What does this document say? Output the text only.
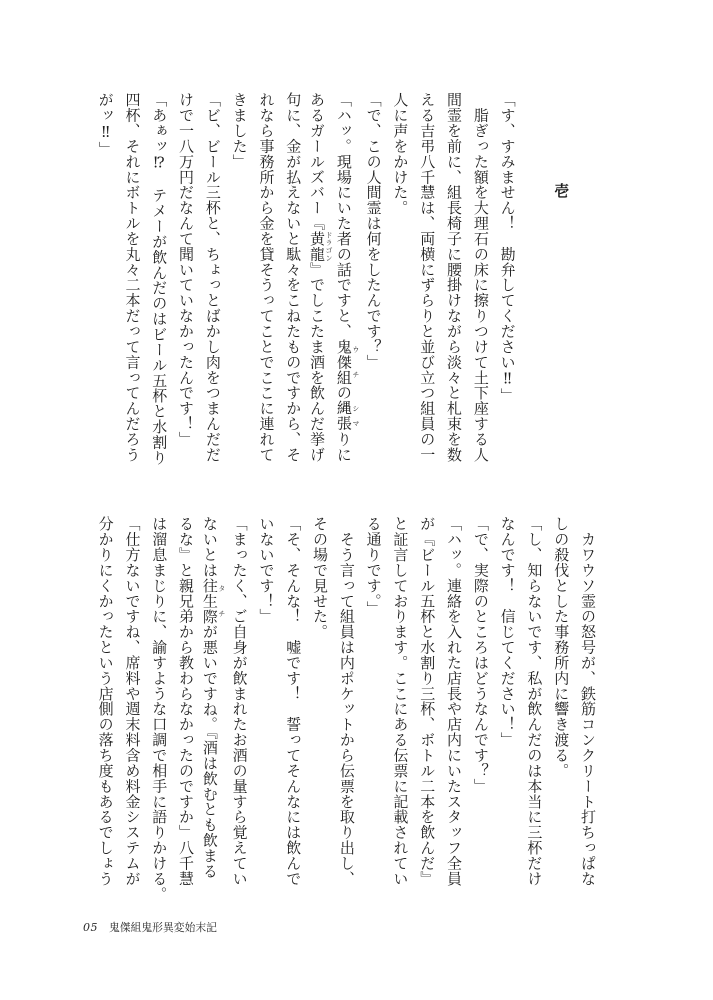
壱
「す、すみません！　勘弁してください‼」
　脂ぎった額を大理石の床に擦りつけて土下座する人
間霊を前に、組長椅子に腰掛けながら淡々と札束を数
える吉弔八千慧は、両横にずらりと並び立つ組員の一
人に声をかけた。
「で、この人間霊は何をしたんです？」
「ハッ。現場にいた者の話ですと、鬼傑組 ウチの縄張 シマりに
あるガールズバー『黄龍 ドラゴン』でしこたま酒を飲んだ挙げ
句に、金が払えないと駄々をこねたものですから、そ
れなら事務所から金を貸そうってことでここに連れて
きました」
「ビ、ビール三杯と、ちょっとばかし肉をつまんだだ
けで一八万円だなんて聞いていなかったんです！」
「あぁッ⁉　テメーが飲んだのはビール五杯と水割り
四杯、それにボトルを丸々二本だって言ってんだろう
がッ‼」
　カワウソ霊の怒号が、鉄筋コンクリート打ちっぱな
しの殺伐とした事務所内に響き渡る。
「し、知らないです、私が飲んだのは本当に三杯だけ
なんです！　信じてください！」
「で、実際のところはどうなんです？」
「ハッ。連絡を入れた店長や店内にいたスタッフ全員
が『ビール五杯と水割り三杯、ボトル二本を飲んだ』
と証言しております。ここにある伝票に記載されてい
る通りです。」
　そう言って組員は内ポケットから伝票を取り出し、
その場で見せた。
「そ、そんな！　嘘です！　誓ってそんなには飲んで
いないです！」
「まったく、ご自身が飲まれたお酒の量すら覚えてい
ないとは往生際 タチが悪いですね。『酒は飲むとも飲まる
るな』と親兄弟から教わらなかったのですか」八千慧
は溜息まじりに、諭すような口調で相手に語りかける。
「仕方ないですね、席料や週末料含め料金システムが
分かりにくかったという店側の落ち度もあるでしょう
05	鬼傑組鬼形異変始末記
